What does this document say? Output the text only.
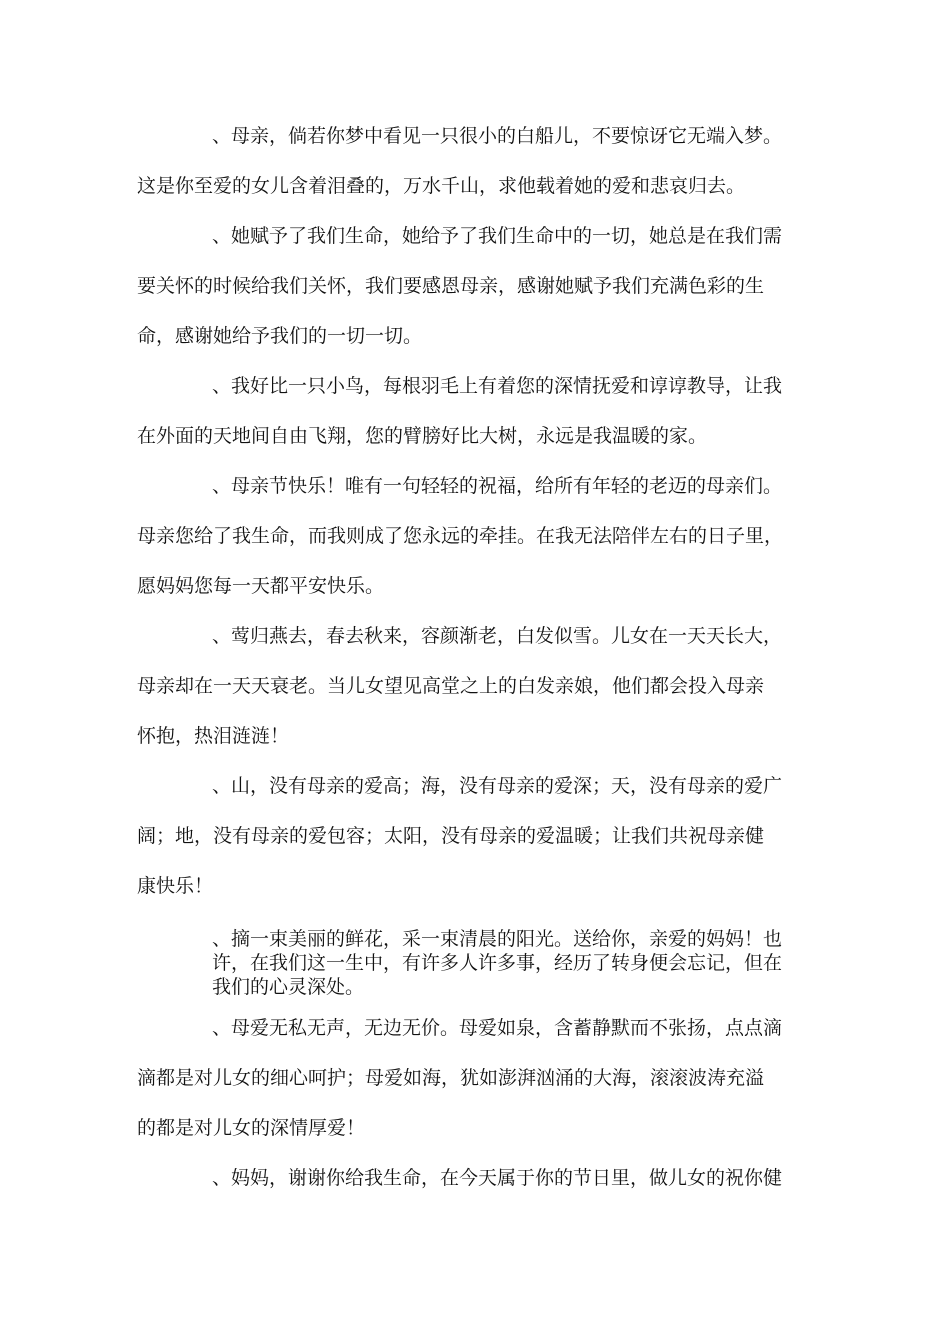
、母亲，倘若你梦中看见一只很小的白船儿，不要惊讶它无端入梦。

这是你至爱的女儿含着泪叠的，万水千山，求他载着她的爱和悲哀归去。

、她赋予了我们生命，她给予了我们生命中的一切，她总是在我们需

要关怀的时候给我们关怀，我们要感恩母亲，感谢她赋予我们充满色彩的生

命，感谢她给予我们的一切一切。

、我好比一只小鸟，每根羽毛上有着您的深情抚爱和谆谆教导，让我

在外面的天地间自由飞翔，您的臂膀好比大树，永远是我温暖的家。

、母亲节快乐！唯有一句轻轻的祝福，给所有年轻的老迈的母亲们。

母亲您给了我生命，而我则成了您永远的牵挂。在我无法陪伴左右的日子里，

愿妈妈您每一天都平安快乐。

、莺归燕去，春去秋来，容颜渐老，白发似雪。儿女在一天天长大，

母亲却在一天天衰老。当儿女望见高堂之上的白发亲娘，他们都会投入母亲

怀抱，热泪涟涟！

、山，没有母亲的爱高；海，没有母亲的爱深；天，没有母亲的爱广

阔；地，没有母亲的爱包容；太阳，没有母亲的爱温暖；让我们共祝母亲健

康快乐！

、摘一束美丽的鲜花，采一束清晨的阳光。送给你，亲爱的妈妈！也
许，在我们这一生中，有许多人许多事，经历了转身便会忘记，但在
我们的心灵深处。

、母爱无私无声，无边无价。母爱如泉，含蓄静默而不张扬，点点滴

滴都是对儿女的细心呵护；母爱如海，犹如澎湃汹涌的大海，滚滚波涛充溢

的都是对儿女的深情厚爱！

、妈妈，谢谢你给我生命，在今天属于你的节日里，做儿女的祝你健
